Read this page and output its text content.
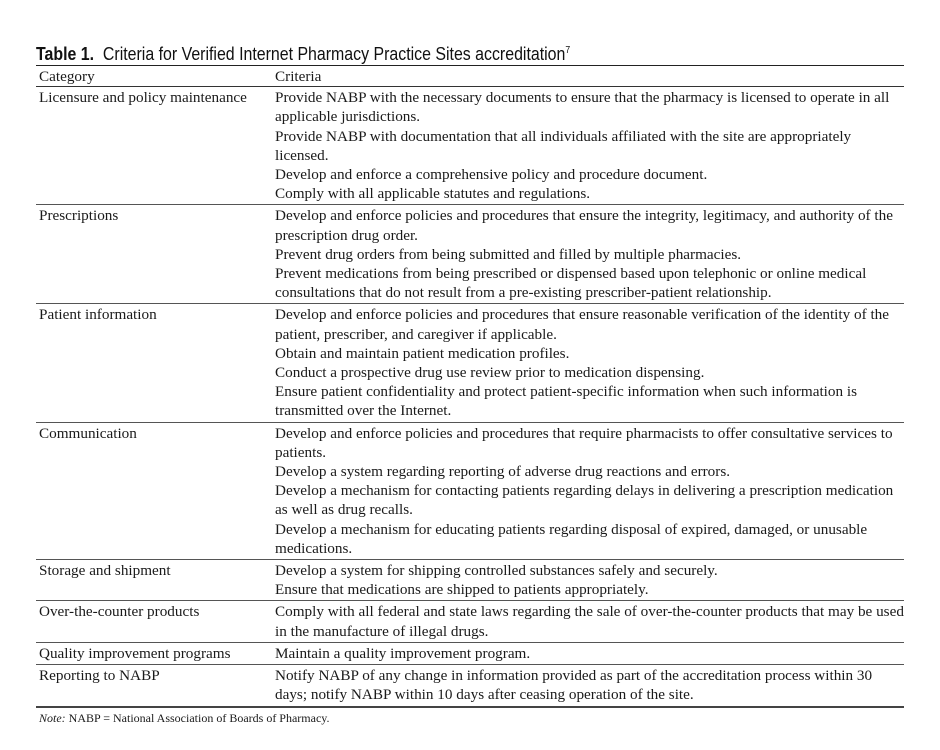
Table 1. Criteria for Verified Internet Pharmacy Practice Sites accreditation$^7$
Category	Criteria
Licensure and policy maintenance	Provide NABP with the necessary documents to ensure that the pharmacy is licensed to operate in all applicable jurisdictions.
Provide NABP with documentation that all individuals affiliated with the site are appropriately licensed.
Develop and enforce a comprehensive policy and procedure document.
Comply with all applicable statutes and regulations.

Prescriptions	Develop and enforce policies and procedures that ensure the integrity, legitimacy, and authority of the prescription drug order.
Prevent drug orders from being submitted and filled by multiple pharmacies.
Prevent medications from being prescribed or dispensed based upon telephonic or online medical consultations that do not result from a pre-existing prescriber-patient relationship.

Patient information	Develop and enforce policies and procedures that ensure reasonable verification of the identity of the patient, prescriber, and caregiver if applicable.
Obtain and maintain patient medication profiles.
Conduct a prospective drug use review prior to medication dispensing.
Ensure patient confidentiality and protect patient-specific information when such information is transmitted over the Internet.

Communication	Develop and enforce policies and procedures that require pharmacists to offer consultative services to patients.
Develop a system regarding reporting of adverse drug reactions and errors.
Develop a mechanism for contacting patients regarding delays in delivering a prescription medication as well as drug recalls.
Develop a mechanism for educating patients regarding disposal of expired, damaged, or unusable medications.

Storage and shipment	Develop a system for shipping controlled substances safely and securely.
Ensure that medications are shipped to patients appropriately.

Over-the-counter products	Comply with all federal and state laws regarding the sale of over-the-counter products that may be used in the manufacture of illegal drugs.

Quality improvement programs	Maintain a quality improvement program.

Reporting to NABP	Notify NABP of any change in information provided as part of the accreditation process within 30 days; notify NABP within 10 days after ceasing operation of the site.
Note: NABP = National Association of Boards of Pharmacy.
